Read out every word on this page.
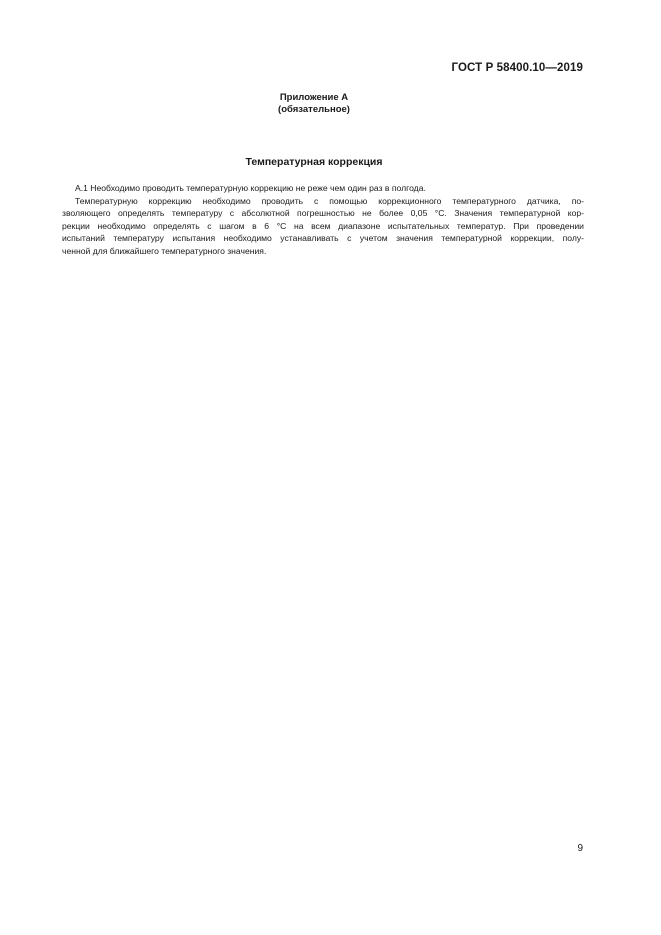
ГОСТ Р 58400.10—2019
Приложение А
(обязательное)
Температурная коррекция
А.1 Необходимо проводить температурную коррекцию не реже чем один раз в полгода.
Температурную коррекцию необходимо проводить с помощью коррекционного температурного датчика, по-
зволяющего определять температуру с абсолютной погрешностью не более 0,05 °С. Значения температурной кор-
рекции необходимо определять с шагом в 6 °С на всем диапазоне испытательных температур. При проведении
испытаний температуру испытания необходимо устанавливать с учетом значения температурной коррекции, полу-
ченной для ближайшего температурного значения.
9
